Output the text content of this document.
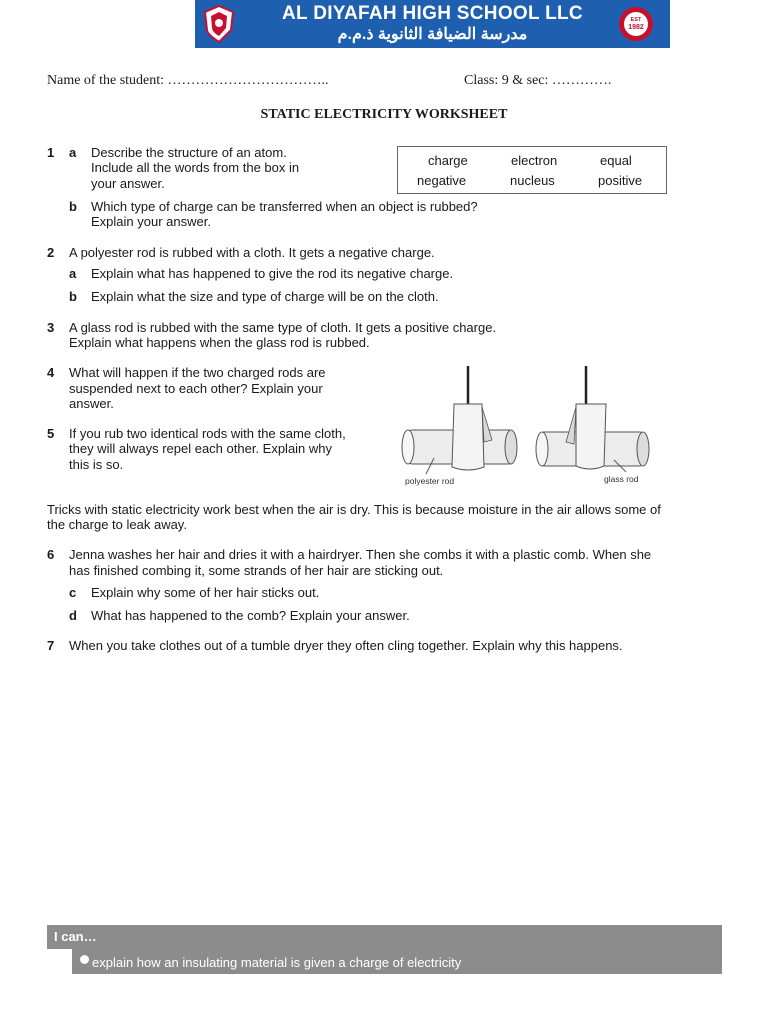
AL DIYAFAH HIGH SCHOOL LLC
مدرسة الضيافة الثانوية ذ.م.م
EST
1982
Name of the student: ……………………………..	Class: 9 & sec: ………….
STATIC ELECTRICITY WORKSHEET
1 a Describe the structure of an atom.
Include all the words from the box in
your answer.
charge	electron	equal
negative	nucleus	positive
b Which type of charge can be transferred when an object is rubbed?
Explain your answer.
2 A polyester rod is rubbed with a cloth. It gets a negative charge.
a Explain what has happened to give the rod its negative charge.
b Explain what the size and type of charge will be on the cloth.
3 A glass rod is rubbed with the same type of cloth. It gets a positive charge.
Explain what happens when the glass rod is rubbed.
4 What will happen if the two charged rods are
suspended next to each other? Explain your
answer.
5 If you rub two identical rods with the same cloth,
they will always repel each other. Explain why
this is so.
polyester rod	glass rod
Tricks with static electricity work best when the air is dry. This is because moisture in the air allows some of
the charge to leak away.
6 Jenna washes her hair and dries it with a hairdryer. Then she combs it with a plastic comb. When she
has finished combing it, some strands of her hair are sticking out.
c Explain why some of her hair sticks out.
d What has happened to the comb? Explain your answer.
7 When you take clothes out of a tumble dryer they often cling together. Explain why this happens.
I can…
explain how an insulating material is given a charge of electricity
